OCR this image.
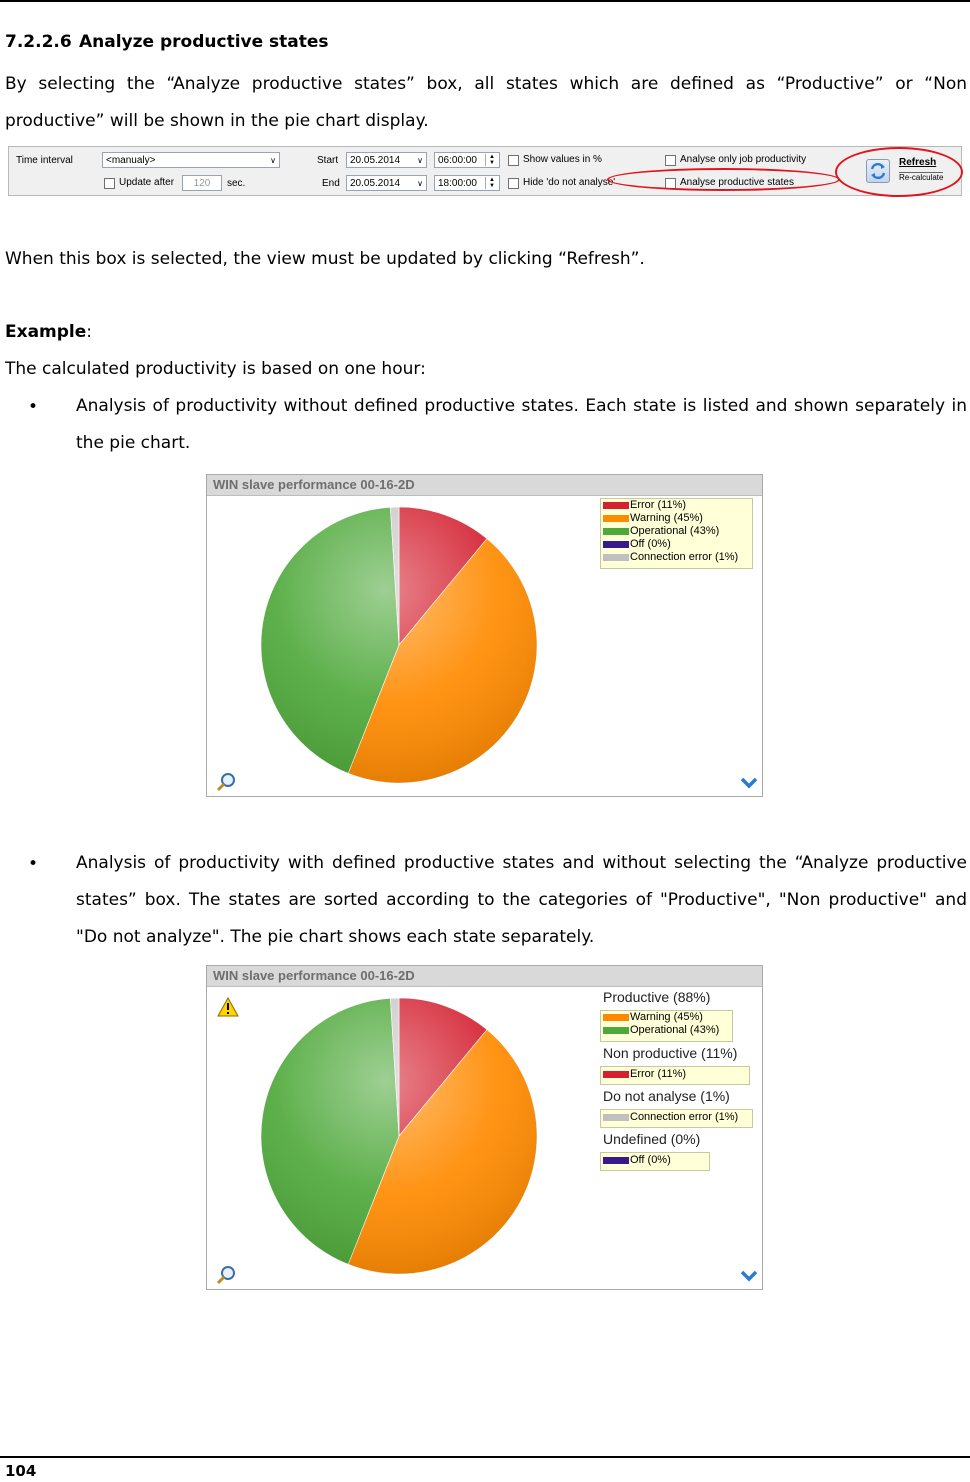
7.2.2.6 Analyze productive states
By selecting the “Analyze productive states” box, all states which are defined as “Productive” or “Non productive” will be shown in the pie chart display.
Time interval	<manualy>	∨
Update after	120	sec.
Start	20.05.2014 ∨	06:00:00	▲
▼
End	20.05.2014 ∨	18:00:00	▲
▼
Show values in %
Hide 'do not analyse'
Analyse only job productivity
Analyse productive states
Refresh
Re-calculate
When this box is selected, the view must be updated by clicking “Refresh”.
Example:
The calculated productivity is based on one hour:
• Analysis of productivity without defined productive states. Each state is listed and shown separately in the pie chart.
WIN slave performance 00-16-2D
Error (11%)
Warning (45%)
Operational (43%)
Off (0%)
Connection error (1%)
• Analysis of productivity with defined productive states and without selecting the “Analyze productive states” box. The states are sorted according to the categories of "Productive", "Non productive" and "Do not analyze". The pie chart shows each state separately.
WIN slave performance 00-16-2D
Productive (88%)
Warning (45%)
Operational (43%)
Non productive (11%)
Error (11%)
Do not analyse (1%)
Connection error (1%)
Undefined (0%)
Off (0%)
104
